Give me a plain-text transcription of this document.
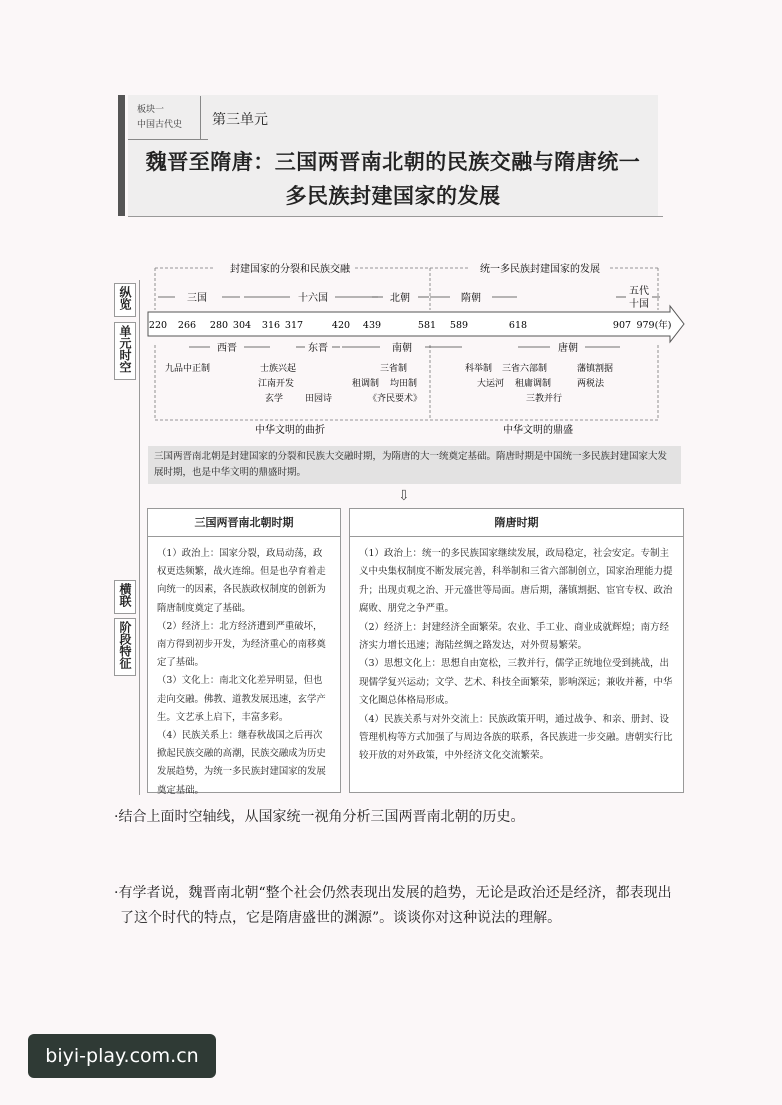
板块一
中国古代史	第三单元
魏晋至隋唐：三国两晋南北朝的民族交融与隋唐统一
多民族封建国家的发展
纵览
单元时空
横联
阶段特征
封建国家的分裂和民族交融	统一多民族封建国家的发展
三国	十六国	北朝	隋朝
五代
十国
220 266 280 304 316 317	420 439	581 589	618	907 979(年)
西晋	东晋	南朝	唐朝
九品中正制	士族兴起
江南开发
玄学 田园诗
三省制
租调制 均田制
《齐民要术》
科举制 三省六部制	藩镇割据
大运河 租庸调制	两税法
三教并行
中华文明的曲折	中华文明的鼎盛
三国两晋南北朝是封建国家的分裂和民族大交融时期，为隋唐的大一统奠定基础。隋唐时期是中国统一多民族封建国家大发展时期，也是中华文明的鼎盛时期。
⇩
三国两晋南北朝时期

（1）政治上：国家分裂，政局动荡，政权更迭频繁，战火连绵。但是也孕育着走向统一的因素，各民族政权制度的创新为隋唐制度奠定了基础。

（2）经济上：北方经济遭到严重破坏，南方得到初步开发，为经济重心的南移奠定了基础。

（3）文化上：南北文化差异明显，但也走向交融。佛教、道教发展迅速，玄学产生。文艺承上启下，丰富多彩。

（4）民族关系上：继春秋战国之后再次掀起民族交融的高潮，民族交融成为历史发展趋势，为统一多民族封建国家的发展奠定基础。

隋唐时期

（1）政治上：统一的多民族国家继续发展，政局稳定，社会安定。专制主义中央集权制度不断发展完善，科举制和三省六部制创立，国家治理能力提升；出现贞观之治、开元盛世等局面。唐后期，藩镇割据、宦官专权、政治腐败、朋党之争严重。

（2）经济上：封建经济全面繁荣。农业、手工业、商业成就辉煌；南方经济实力增长迅速；海陆丝绸之路发达，对外贸易繁荣。

（3）思想文化上：思想自由宽松，三教并行，儒学正统地位受到挑战，出现儒学复兴运动；文学、艺术、科技全面繁荣，影响深远；兼收并蓄，中华文化圈总体格局形成。

（4）民族关系与对外交流上：民族政策开明，通过战争、和亲、册封、设管理机构等方式加强了与周边各族的联系，各民族进一步交融。唐朝实行比较开放的对外政策，中外经济文化交流繁荣。

·结合上面时空轴线，从国家统一视角分析三国两晋南北朝的历史。
·有学者说，魏晋南北朝“整个社会仍然表现出发展的趋势，无论是政治还是经济，都表现出
了这个时代的特点，它是隋唐盛世的渊源”。谈谈你对这种说法的理解。
biyi-play.com.cn
